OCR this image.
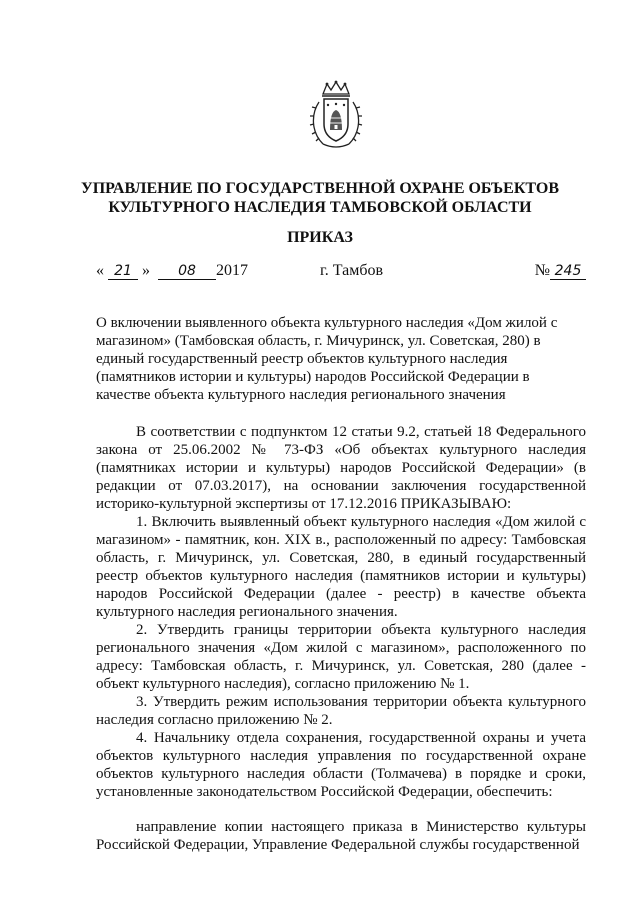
УПРАВЛЕНИЕ ПО ГОСУДАРСТВЕННОЙ ОХРАНЕ ОБЪЕКТОВ
КУЛЬТУРНОГО НАСЛЕДИЯ ТАМБОВСКОЙ ОБЛАСТИ
ПРИКАЗ
« 21 » 08 2017	г. Тамбов	№ 245
О включении выявленного объекта культурного наследия «Дом жилой с магазином» (Тамбовская область, г. Мичуринск, ул. Советская, 280) в единый государственный реестр объектов культурного наследия (памятников истории и культуры) народов Российской Федерации в качестве объекта культурного наследия регионального значения

В соответствии с подпунктом 12 статьи 9.2, статьей 18 Федерального закона от 25.06.2002 № 73-ФЗ «Об объектах культурного наследия (памятниках истории и культуры) народов Российской Федерации» (в редакции от 07.03.2017), на основании заключения государственной историко-культурной экспертизы от 17.12.2016 ПРИКАЗЫВАЮ:

1. Включить выявленный объект культурного наследия «Дом жилой с магазином» - памятник, кон. XIX в., расположенный по адресу: Тамбовская область, г. Мичуринск, ул. Советская, 280, в единый государственный реестр объектов культурного наследия (памятников истории и культуры) народов Российской Федерации (далее - реестр) в качестве объекта культурного наследия регионального значения.

2. Утвердить границы территории объекта культурного наследия регионального значения «Дом жилой с магазином», расположенного по адресу: Тамбовская область, г. Мичуринск, ул. Советская, 280 (далее - объект культурного наследия), согласно приложению № 1.

3. Утвердить режим использования территории объекта культурного наследия согласно приложению № 2.

4. Начальнику отдела сохранения, государственной охраны и учета объектов культурного наследия управления по государственной охране объектов культурного наследия области (Толмачева) в порядке и сроки, установленные законодательством Российской Федерации, обеспечить:

направление копии настоящего приказа в Министерство культуры Российской Федерации, Управление Федеральной службы государственной
